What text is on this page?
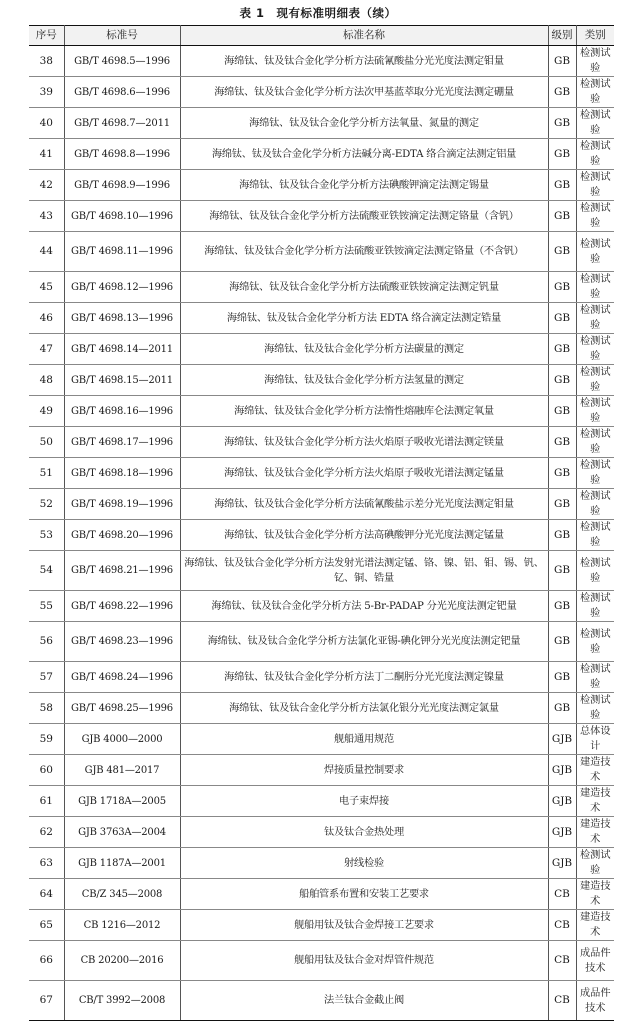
表 1　现有标准明细表（续）
序号	标准号	标准名称	级别	类别
38	GB/T 4698.5—1996	海绵钛、钛及钛合金化学分析方法硫氰酸盐分光光度法测定钼量	GB	检测试验
39	GB/T 4698.6—1996	海绵钛、钛及钛合金化学分析方法次甲基蓝萃取分光光度法测定硼量	GB	检测试验
40	GB/T 4698.7—2011	海绵钛、钛及钛合金化学分析方法氧量、氮量的测定	GB	检测试验
41	GB/T 4698.8—1996	海绵钛、钛及钛合金化学分析方法碱分离-EDTA 络合滴定法测定铝量	GB	检测试验
42	GB/T 4698.9—1996	海绵钛、钛及钛合金化学分析方法碘酸钾滴定法测定锡量	GB	检测试验
43	GB/T 4698.10—1996	海绵钛、钛及钛合金化学分析方法硫酸亚铁铵滴定法测定铬量（含钒）	GB	检测试验
44	GB/T 4698.11—1996	海绵钛、钛及钛合金化学分析方法硫酸亚铁铵滴定法测定铬量（不含钒）	GB	检测试验
45	GB/T 4698.12—1996	海绵钛、钛及钛合金化学分析方法硫酸亚铁铵滴定法测定钒量	GB	检测试验
46	GB/T 4698.13—1996	海绵钛、钛及钛合金化学分析方法 EDTA 络合滴定法测定锆量	GB	检测试验
47	GB/T 4698.14—2011	海绵钛、钛及钛合金化学分析方法碳量的测定	GB	检测试验
48	GB/T 4698.15—2011	海绵钛、钛及钛合金化学分析方法氢量的测定	GB	检测试验
49	GB/T 4698.16—1996	海绵钛、钛及钛合金化学分析方法惰性熔融库仑法测定氧量	GB	检测试验
50	GB/T 4698.17—1996	海绵钛、钛及钛合金化学分析方法火焰原子吸收光谱法测定镁量	GB	检测试验
51	GB/T 4698.18—1996	海绵钛、钛及钛合金化学分析方法火焰原子吸收光谱法测定锰量	GB	检测试验
52	GB/T 4698.19—1996	海绵钛、钛及钛合金化学分析方法硫氰酸盐示差分光光度法测定钼量	GB	检测试验
53	GB/T 4698.20—1996	海绵钛、钛及钛合金化学分析方法高碘酸钾分光光度法测定锰量	GB	检测试验
54	GB/T 4698.21—1996	海绵钛、钛及钛合金化学分析方法发射光谱法测定锰、铬、镍、铝、钼、锡、钒、钇、铜、锆量	GB	检测试验
55	GB/T 4698.22—1996	海绵钛、钛及钛合金化学分析方法 5-Br-PADAP 分光光度法测定钯量	GB	检测试验
56	GB/T 4698.23—1996	海绵钛、钛及钛合金化学分析方法氯化亚锡-碘化钾分光光度法测定钯量	GB	检测试验
57	GB/T 4698.24—1996	海绵钛、钛及钛合金化学分析方法丁二酮肟分光光度法测定镍量	GB	检测试验
58	GB/T 4698.25—1996	海绵钛、钛及钛合金化学分析方法氯化银分光光度法测定氯量	GB	检测试验
59	GJB 4000—2000	舰船通用规范	GJB	总体设计
60	GJB 481—2017	焊接质量控制要求	GJB	建造技术
61	GJB 1718A—2005	电子束焊接	GJB	建造技术
62	GJB 3763A—2004	钛及钛合金热处理	GJB	建造技术
63	GJB 1187A—2001	射线检验	GJB	检测试验
64	CB/Z 345—2008	船舶管系布置和安装工艺要求	CB	建造技术
65	CB 1216—2012	舰船用钛及钛合金焊接工艺要求	CB	建造技术
66	CB 20200—2016	舰船用钛及钛合金对焊管件规范	CB	成品件技术
67	CB/T 3992—2008	法兰钛合金截止阀	CB	成品件技术
